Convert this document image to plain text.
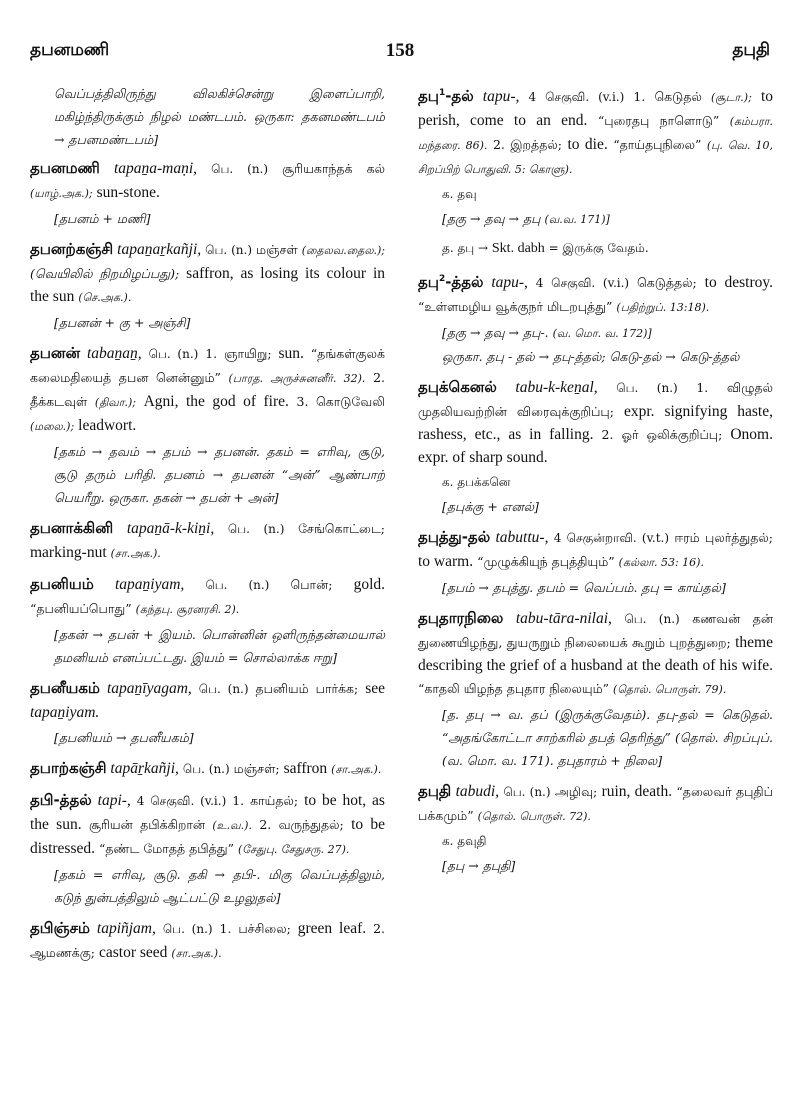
தபனமணி	158	தபுதி
வெப்பத்திலிருந்து விலகிச்சென்று இளைப்பாறி, மகிழ்ந்திருக்கும் நிழல் மண்டபம். ஒருகா: தகனமண்டபம் → தபனமண்டபம்]
தபனமணி tapaṉa-maṇi, பெ. (n.) சூரியகாந்தக் கல் (யாழ்.அக.); sun-stone.
[தபனம் + மணி]
தபனற்கஞ்சி tapaṉaṟkañji, பெ. (n.) மஞ்சள் (தைலவ.தைல.); (வெயிலில் நிறமிழப்பது); saffron, as losing its colour in the sun (செ.அக.).
[தபனன் + கு + அஞ்சி]
தபனன் tabaṉaṉ, பெ. (n.) 1. ஞாயிறு; sun. “தங்கள்குலக் கலைமதியைத் தபன னென்னும்” (பாரத. அருச்சுனனீர். 32). 2. தீக்கடவுள் (திவா.); Agni, the god of fire. 3. கொடுவேலி (மலை.); leadwort.
[தகம் → தவம் → தபம் → தபனன். தகம் = எரிவு, சூடு, சூடு தரும் பரிதி. தபனம் → தபனன் “அன்” ஆண்பாற் பெயரீறு. ஒருகா. தகன் → தபன் + அன்]
தபனாக்கினி tapaṉā-k-kiṉi, பெ. (n.) சேங்கொட்டை; marking-nut (சா.அக.).
தபனியம் tapaṉiyam, பெ. (n.) பொன்; gold. “தபனியப்பொது” (கந்தபு. சூரனரசி. 2).
[தகன் → தபன் + இயம். பொன்னின் ஒளிருந்தன்மையால் தமனியம் எனப்பட்டது. இயம் = சொல்லாக்க ஈறு]
தபனீயகம் tapaṉīyagam, பெ. (n.) தபனியம் பார்க்க; see tapaṉiyam.
[தபனியம் → தபனீயகம்]
தபாற்கஞ்சி tapāṟkañji, பெ. (n.) மஞ்சள்; saffron (சா.அக.).
தபி-த்தல் tapi-, 4 செகுவி. (v.i.) 1. காய்தல்; to be hot, as the sun. சூரியன் தபிக்கிறான் (உ.வ.). 2. வருந்துதல்; to be distressed. “தண்ட மோதத் தபித்து” (சேதுபு. சேதுசரு. 27).
[தகம் = எரிவு, சூடு. தகி → தபி-. மிகு வெப்பத்திலும், கடுந் துன்பத்திலும் ஆட்பட்டு உழலுதல்]
தபிஞ்சம் tapiñjam, பெ. (n.) 1. பச்சிலை; green leaf. 2. ஆமணக்கு; castor seed (சா.அக.).
தபு$^1$-தல் tapu-, 4 செகுவி. (v.i.) 1. கெடுதல் (சூடா.); to perish, come to an end. “புரைதபு நாளொடு” (கம்பரா. மந்தரை. 86). 2. இறத்தல்; to die. “தாய்தபுநிலை” (பு. வெ. 10, சிறப்பிற் பொதுவி. 5: கொளு).
க. தவு
[தகு → தவு → தபு (வ.வ. 171)]
த. தபு → Skt. dabh = இருக்கு வேதம்.
தபு$^2$-த்தல் tapu-, 4 செகுவி. (v.i.) கெடுத்தல்; to destroy. “உள்ளமழிய வூக்குநர் மிடறபுத்து” (பதிற்றுப். 13:18).
[தகு → தவு → தபு-. (வ. மொ. வ. 172)]
ஒருகா. தபு - தல் → தபு-த்தல்; கெடு-தல் → கெடு-த்தல்
தபுக்கெனல் tabu-k-keṉal, பெ. (n.) 1. விழுதல் முதலியவற்றின் விரைவுக்குறிப்பு; expr. signifying haste, rashess, etc., as in falling. 2. ஓர் ஒலிக்குறிப்பு; Onom. expr. of sharp sound.
க. தபக்கனெ
[தபுக்கு + எனல்]
தபுத்து-தல் tabuttu-, 4 செகுன்றாவி. (v.t.) ஈரம் புலர்த்துதல்; to warm. “முழுக்கியுந் தபுத்தியும்” (கல்லா. 53: 16).
[தபம் → தபுத்து. தபம் = வெப்பம். தபு = காய்தல்]
தபுதாரநிலை tabu-tāra-nilai, பெ. (n.) கணவன் தன் துணையிழந்து, துயருறும் நிலையைக் கூறும் புறத்துறை; theme describing the grief of a husband at the death of his wife. “காதலி யிழந்த தபுதார நிலையும்” (தொல். பொருள். 79).
[த. தபு → வ. தப் (இருக்குவேதம்). தபு-தல் = கெடுதல். “அதங்கோட்டா சாற்கரில் தபத் தெரிந்து” (தொல். சிறப்புப். (வ. மொ. வ. 171). தபுதாரம் + நிலை]
தபுதி tabudi, பெ. (n.) அழிவு; ruin, death. “தலைவர் தபுதிப் பக்கமும்” (தொல். பொருள். 72).
க. தவுதி
[தபு → தபுதி]
